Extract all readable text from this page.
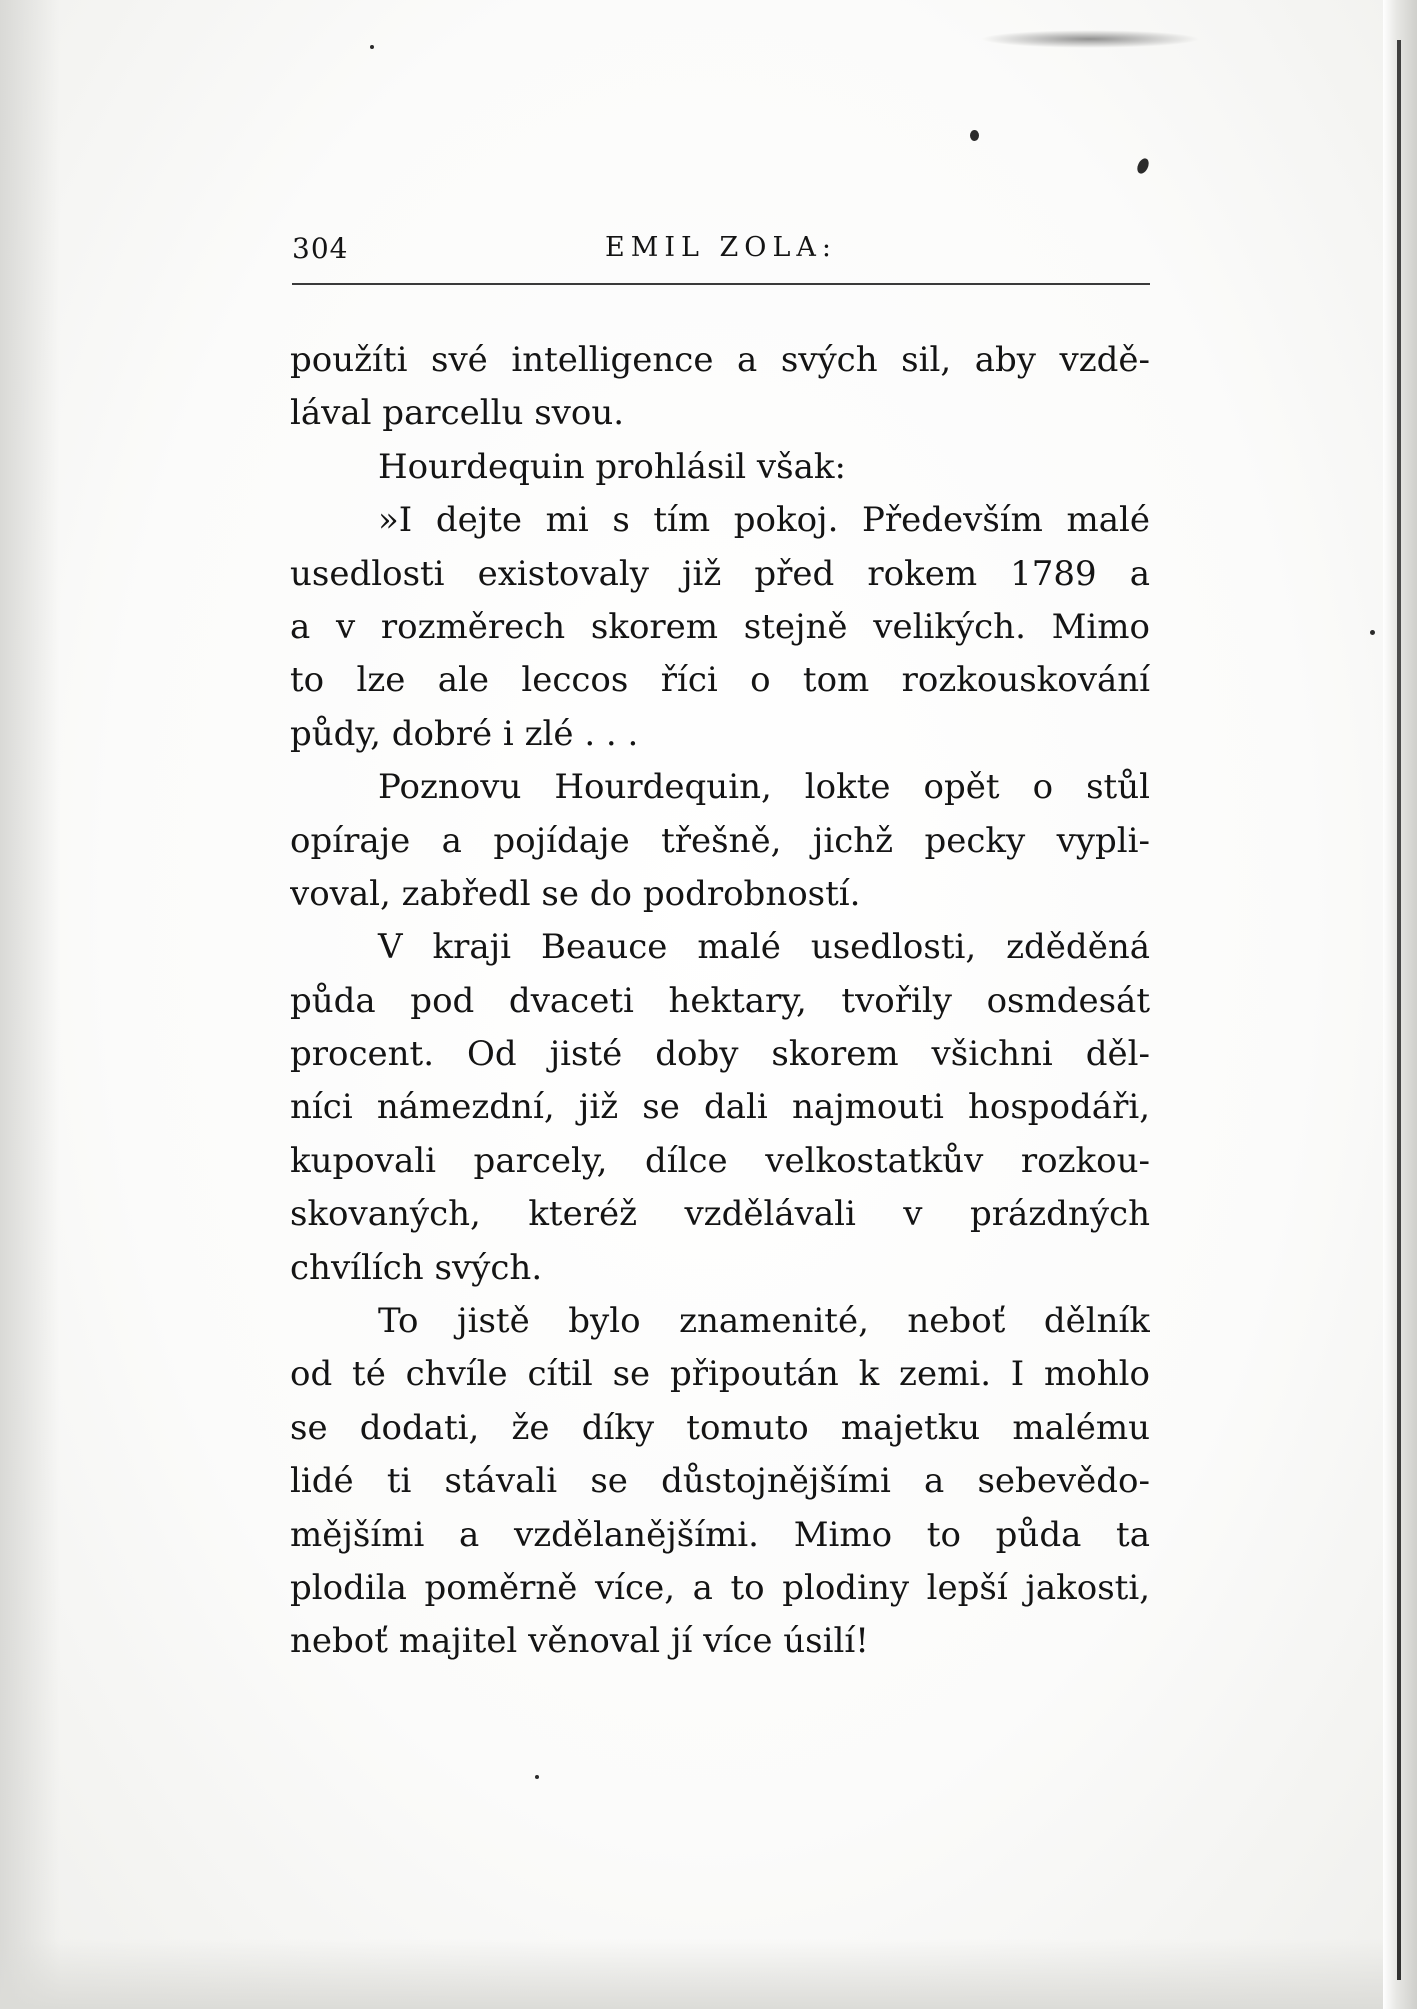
304	EMIL ZOLA:
použíti své intelligence a svých sil, aby vzdě-
lával parcellu svou.
Hourdequin prohlásil však:
»I dejte mi s tím pokoj. Především malé
usedlosti existovaly již před rokem 1789 a
a v rozměrech skorem stejně velikých. Mimo
to lze ale leccos říci o tom rozkouskování
půdy, dobré i zlé . . .
Poznovu Hourdequin, lokte opět o stůl
opíraje a pojídaje třešně, jichž pecky vypli-
voval, zabředl se do podrobností.
V kraji Beauce malé usedlosti, zděděná
půda pod dvaceti hektary, tvořily osmdesát
procent. Od jisté doby skorem všichni děl-
níci námezdní, již se dali najmouti hospodáři,
kupovali parcely, dílce velkostatkův rozkou-
skovaných, kteréž vzdělávali v prázdných
chvílích svých.
To jistě bylo znamenité, neboť dělník
od té chvíle cítil se připoután k zemi. I mohlo
se dodati, že díky tomuto majetku malému
lidé ti stávali se důstojnějšími a sebevědo-
mějšími a vzdělanějšími. Mimo to půda ta
plodila poměrně více, a to plodiny lepší jakosti,
neboť majitel věnoval jí více úsilí!
